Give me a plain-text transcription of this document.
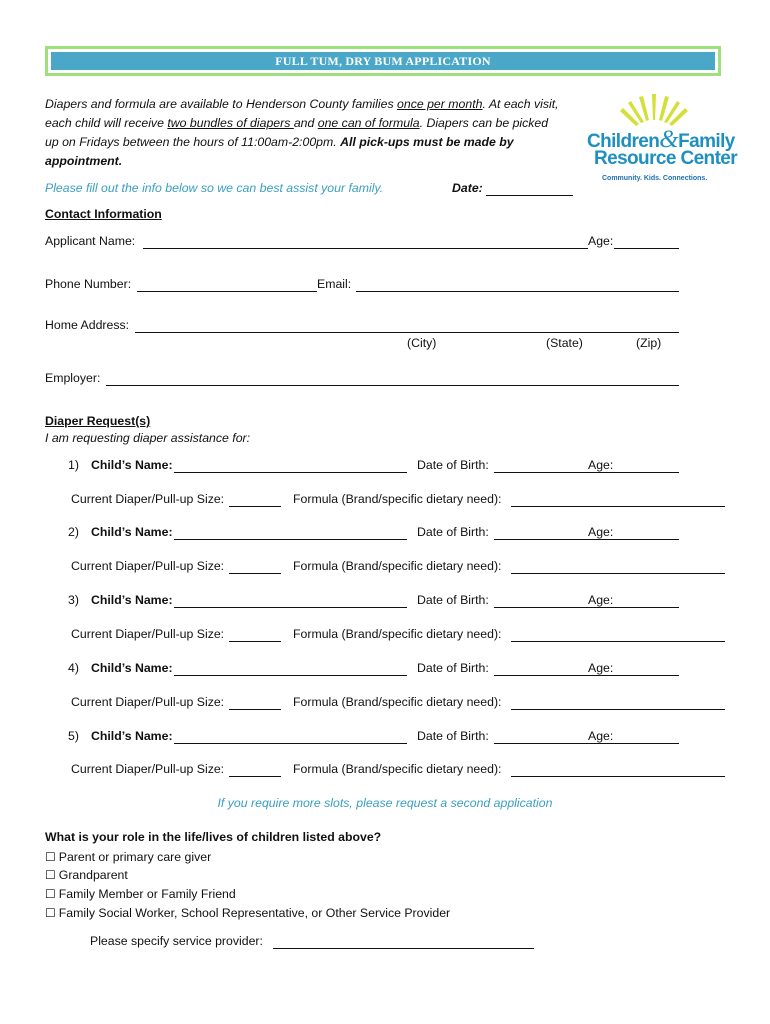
FULL TUM, DRY BUM APPLICATION
Diapers and formula are available to Henderson County families once per month. At each visit, each child will receive two bundles of diapers and one can of formula. Diapers can be picked up on Fridays between the hours of 11:00am-2:00pm. All pick-ups must be made by appointment.
Children&Family
Resource Center
Community. Kids. Connections.
Please fill out the info below so we can best assist your family.	Date:
Contact Information
Applicant Name:	Age:
Phone Number:	Email:
Home Address:
(City)	(State)	(Zip)
Employer:
Diaper Request(s)
I am requesting diaper assistance for:
1) Child’s Name:	Date of Birth:	Age:
Current Diaper/Pull-up Size:	Formula (Brand/specific dietary need):
2) Child’s Name:	Date of Birth:	Age:
Current Diaper/Pull-up Size:	Formula (Brand/specific dietary need):
3) Child’s Name:	Date of Birth:	Age:
Current Diaper/Pull-up Size:	Formula (Brand/specific dietary need):
4) Child’s Name:	Date of Birth:	Age:
Current Diaper/Pull-up Size:	Formula (Brand/specific dietary need):
5) Child’s Name:	Date of Birth:	Age:
Current Diaper/Pull-up Size:	Formula (Brand/specific dietary need):
If you require more slots, please request a second application
What is your role in the life/lives of children listed above?
☐ Parent or primary care giver
☐ Grandparent
☐ Family Member or Family Friend
☐ Family Social Worker, School Representative, or Other Service Provider
Please specify service provider:
